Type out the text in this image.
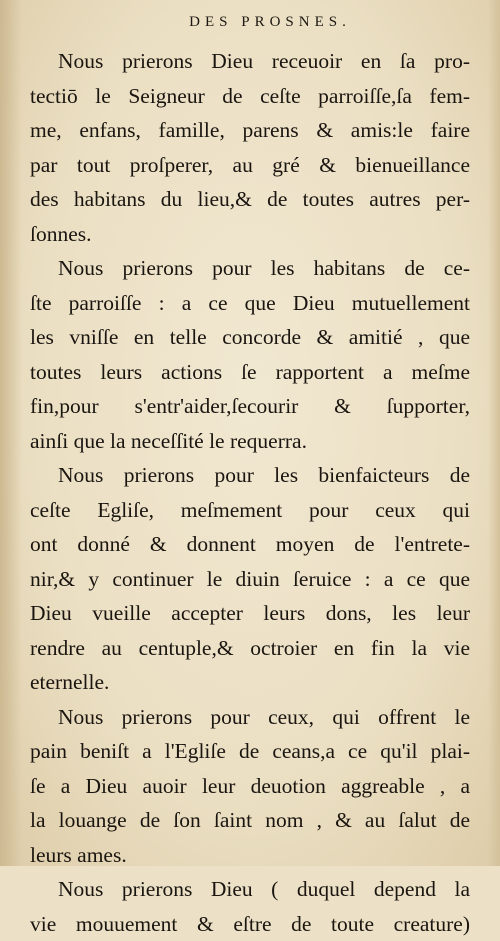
DES PROSNES.
Nous prierons Dieu receuoir en ſa pro-
tectiō le Seigneur de ceſte parroiſſe,ſa fem-
me, enfans, famille, parens & amis:le faire
par tout proſperer, au gré & bienueillance
des habitans du lieu,& de toutes autres per-
ſonnes.
Nous prierons pour les habitans de ce-
ſte parroiſſe : a ce que Dieu mutuellement
les vniſſe en telle concorde & amitié , que
toutes leurs actions ſe rapportent a meſme
fin,pour s'entr'aider,ſecourir & ſupporter,
ainſi que la neceſſité le requerra.
Nous prierons pour les bienfaicteurs de
ceſte Egliſe, meſmement pour ceux qui
ont donné & donnent moyen de l'entrete-
nir,& y continuer le diuin ſeruice : a ce que
Dieu vueille accepter leurs dons, les leur
rendre au centuple,& octroier en fin la vie
eternelle.
Nous prierons pour ceux, qui offrent le
pain beniſt a l'Egliſe de ceans,a ce qu'il plai-
ſe a Dieu auoir leur deuotion aggreable , a
la louange de ſon ſaint nom , & au ſalut de
leurs ames.
Nous prierons Dieu ( duquel depend la
vie mouuement & eſtre de toute creature)
